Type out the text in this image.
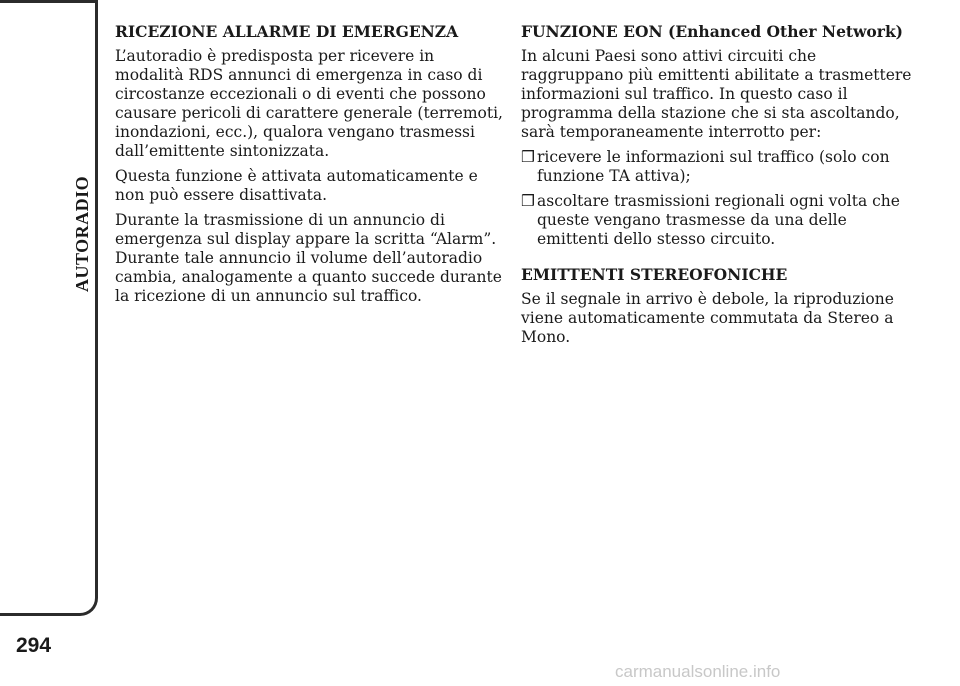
AUTORADIO
294
RICEZIONE ALLARME DI EMERGENZA

L’autoradio è predisposta per ricevere in modalità RDS annunci di emergenza in caso di circostanze eccezionali o di eventi che possono causare pericoli di carattere generale (terremoti, inondazioni, ecc.), qualora vengano trasmessi dall’emittente sintonizzata.

Questa funzione è attivata automaticamente e non può essere disattivata.

Durante la trasmissione di un annuncio di emergenza sul display appare la scritta “Alarm”. Durante tale annuncio il volume dell’autoradio cambia, analogamente a quanto succede durante la ricezione di un annuncio sul traffico.

FUNZIONE EON (Enhanced Other Network)

In alcuni Paesi sono attivi circuiti che raggruppano più emittenti abilitate a trasmettere informazioni sul traffico. In questo caso il programma della stazione che si sta ascoltando, sarà temporaneamente interrotto per:

❒ ricevere le informazioni sul traffico (solo con funzione TA attiva);
❒ ascoltare trasmissioni regionali ogni volta che queste vengano trasmesse da una delle emittenti dello stesso circuito.
EMITTENTI STEREOFONICHE

Se il segnale in arrivo è debole, la riproduzione viene automaticamente commutata da Stereo a Mono.

carmanualsonline.info
